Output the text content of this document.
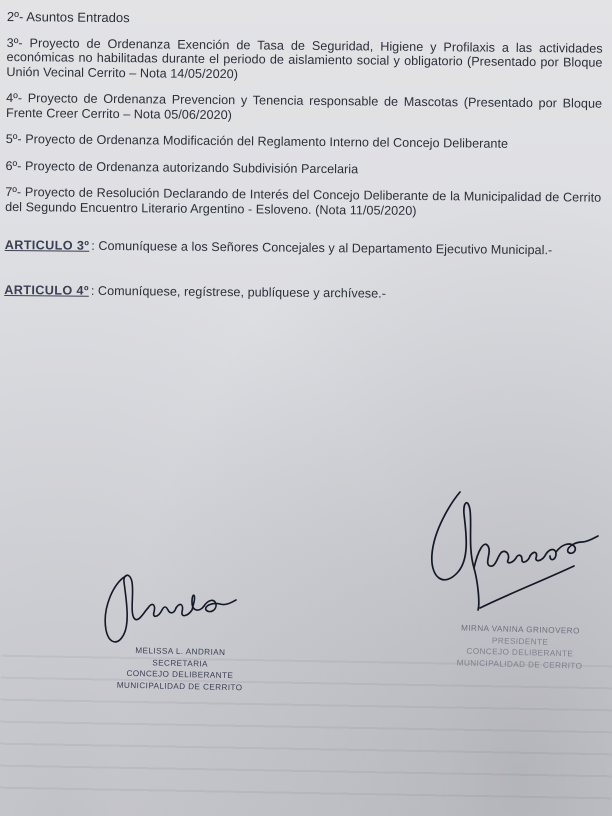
2º- Asuntos Entrados
3º- Proyecto de Ordenanza Exención de Tasa de Seguridad, Higiene y Profilaxis a las actividades económicas no habilitadas durante el periodo de aislamiento social y obligatorio (Presentado por Bloque Unión Vecinal Cerrito – Nota 14/05/2020)
4º- Proyecto de Ordenanza Prevencion y Tenencia responsable de Mascotas (Presentado por Bloque Frente Creer Cerrito – Nota 05/06/2020)
5º- Proyecto de Ordenanza Modificación del Reglamento Interno del Concejo Deliberante
6º- Proyecto de Ordenanza autorizando Subdivisión Parcelaria
7º- Proyecto de Resolución Declarando de Interés del Concejo Deliberante de la Municipalidad de Cerrito del Segundo Encuentro Literario Argentino - Esloveno. (Nota 11/05/2020)
ARTICULO 3º : Comuníquese a los Señores Concejales y al Departamento Ejecutivo Municipal.-
ARTICULO 4º : Comuníquese, regístrese, publíquese y archívese.-
MELISSA L. ANDRIAN
SECRETARIA
CONCEJO DELIBERANTE
MUNICIPALIDAD DE CERRITO
MIRNA VANINA GRINOVERO
PRESIDENTE
CONCEJO DELIBERANTE
MUNICIPALIDAD DE CERRITO
